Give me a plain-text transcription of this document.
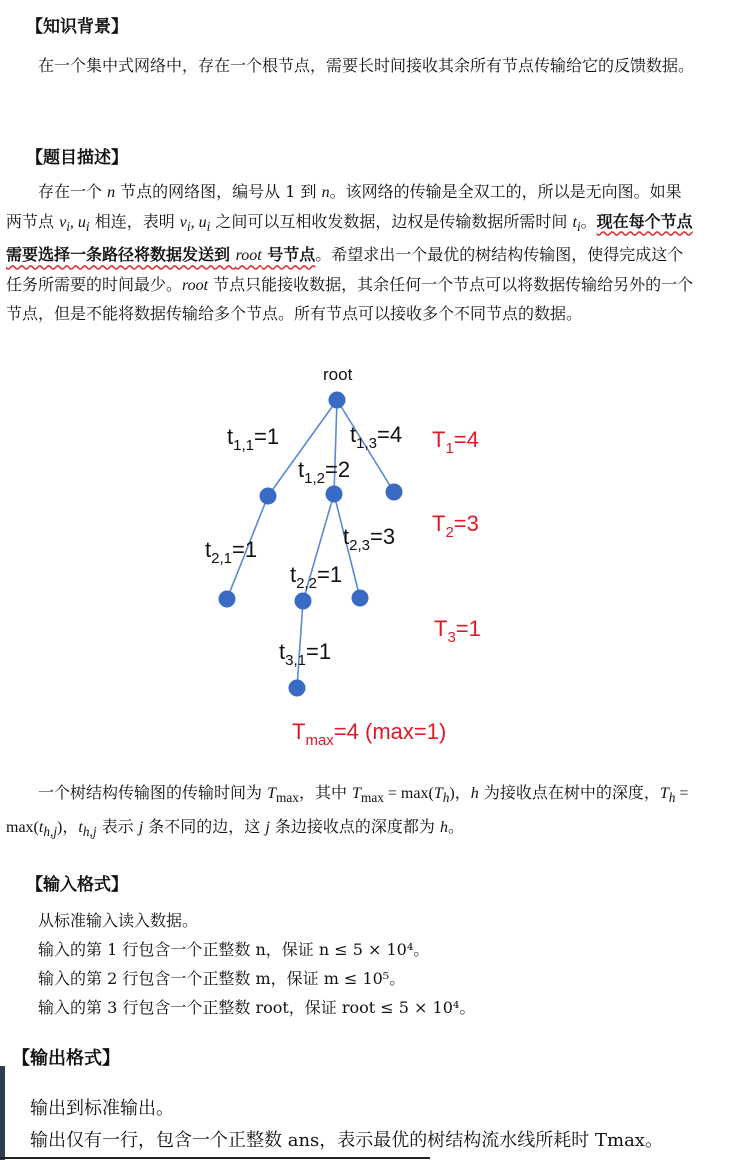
【知识背景】
在一个集中式网络中，存在一个根节点，需要长时间接收其余所有节点传输给它的反馈数据。
【题目描述】
存在一个 n 节点的网络图，编号从 1 到 n。该网络的传输是全双工的，所以是无向图。如果两节点 $v_i$, $u_i$ 相连，表明 $v_i$, $u_i$ 之间可以互相收发数据，边权是传输数据所需时间 $t_i$。现在每个节点需要选择一条路径将数据发送到 root 号节点。希望求出一个最优的树结构传输图，使得完成这个任务所需要的时间最少。root 节点只能接收数据，其余任何一个节点可以将数据传输给另外的一个节点，但是不能将数据传输给多个节点。所有节点可以接收多个不同节点的数据。
root
$t_{1,1}=1$	$t_{1,3}=4$
$t_{1,2}=2$
$t_{2,1}=1$
$t_{2,3}=3$
$t_{2,2}=1$
$t_{3,1}=1$
$T_1=4$
$T_2=3$
$T_3=1$
$T_{max}=4$ (max=1)
一个树结构传输图的传输时间为 $T_{max}$，其中 $T_{max} = \max(T_h)$，h 为接收点在树中的深度，$T_h = \max(t_{h,j})$，$t_{h,j}$ 表示 j 条不同的边，这 j 条边接收点的深度都为 h。
【输入格式】
从标准输入读入数据。
输入的第 1 行包含一个正整数 n，保证 n ≤ 5 × 10⁴。
输入的第 2 行包含一个正整数 m，保证 m ≤ 10⁵。
输入的第 3 行包含一个正整数 root，保证 root ≤ 5 × 10⁴。
【输出格式】
输出到标准输出。
输出仅有一行，包含一个正整数 ans，表示最优的树结构流水线所耗时 Tmax。
